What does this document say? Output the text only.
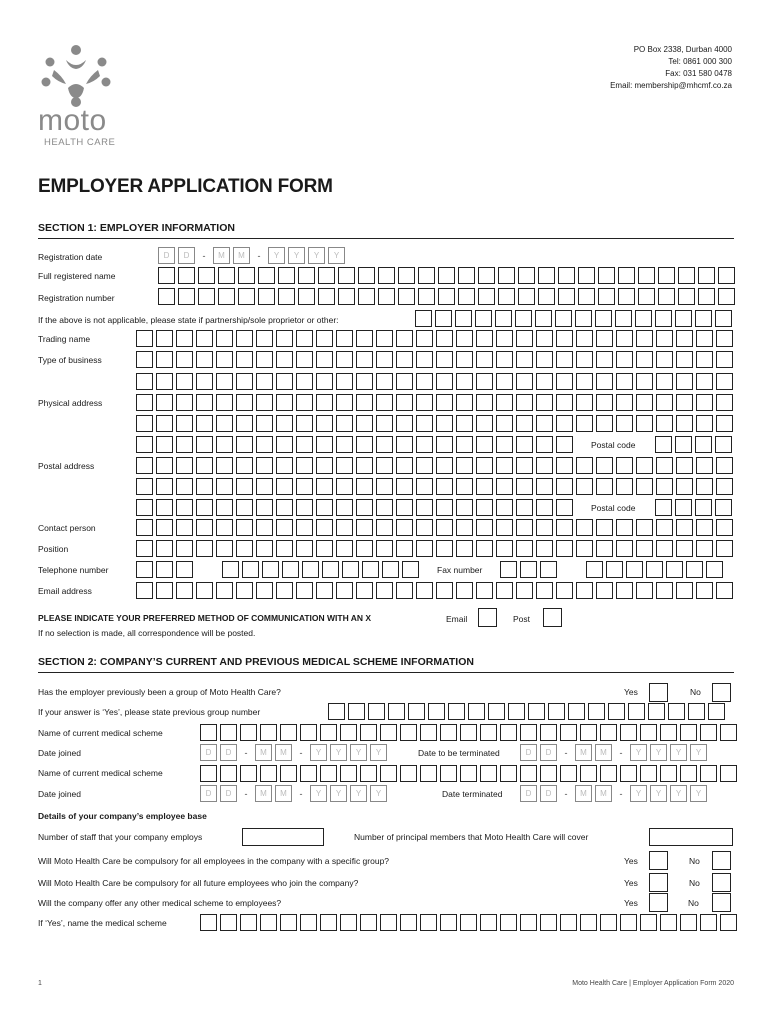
moto
HEALTH CARE
PO Box 2338, Durban 4000
Tel: 0861 000 300
Fax: 031 580 0478
Email: membership@mhcmf.co.za
EMPLOYER APPLICATION FORM
SECTION 1: EMPLOYER INFORMATION
Registration date	D	D	-	M	M	-	Y	Y	Y	Y
Full registered name
Registration number
If the above is not applicable, please state if partnership/sole proprietor or other:
Trading name
Type of business
Physical address
Postal code
Postal address
Postal code
Contact person
Position
Telephone number	Fax number
Email address
PLEASE INDICATE YOUR PREFERRED METHOD OF COMMUNICATION WITH AN X	Email	Post
If no selection is made, all correspondence will be posted.
SECTION 2: COMPANY’S CURRENT AND PREVIOUS MEDICAL SCHEME INFORMATION
Has the employer previously been a group of Moto Health Care?	Yes	No
If your answer is ‘Yes’, please state previous group number
Name of current medical scheme
Date joined	D	D	-	M	M	-	Y	Y	Y	Y	Date to be terminated	D	D	-	M	M	-	Y	Y	Y	Y
Name of current medical scheme
Date joined	D	D	-	M	M	-	Y	Y	Y	Y	Date terminated	D	D	-	M	M	-	Y	Y	Y	Y
Details of your company’s employee base
Number of staff that your company employs	Number of principal members that Moto Health Care will cover
Will Moto Health Care be compulsory for all employees in the company with a specific group?	Yes	No
Will Moto Health Care be compulsory for all future employees who join the company?	Yes	No
Will the company offer any other medical scheme to employees?	Yes	No
If ‘Yes’, name the medical scheme
1	Moto Health Care | Employer Application Form 2020
